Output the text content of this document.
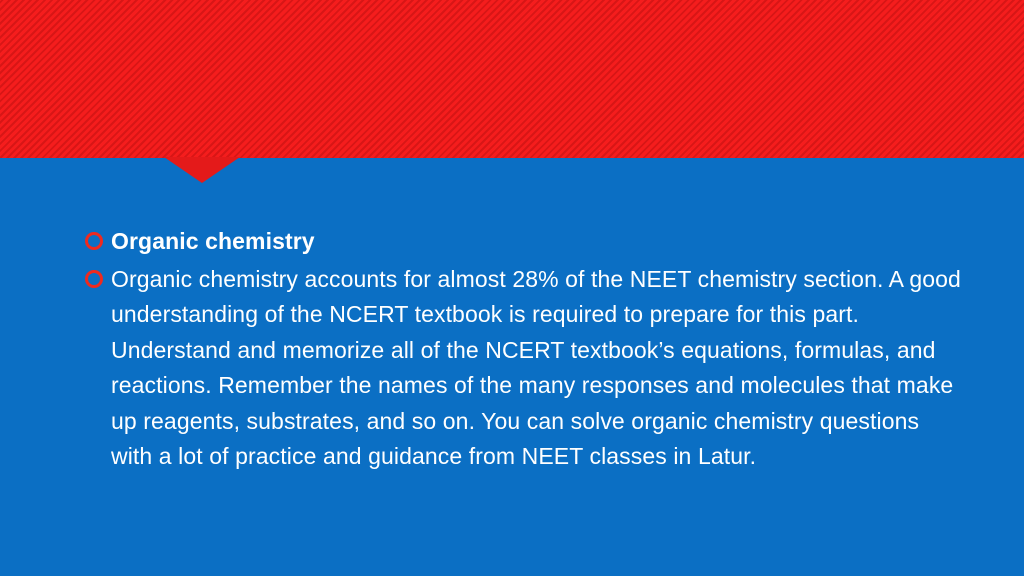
Organic chemistry
Organic chemistry accounts for almost 28% of the NEET chemistry section. A good understanding of the NCERT textbook is required to prepare for this part. Understand and memorize all of the NCERT textbook’s equations, formulas, and reactions. Remember the names of the many responses and molecules that make up reagents, substrates, and so on. You can solve organic chemistry questions with a lot of practice and guidance from NEET classes in Latur.
